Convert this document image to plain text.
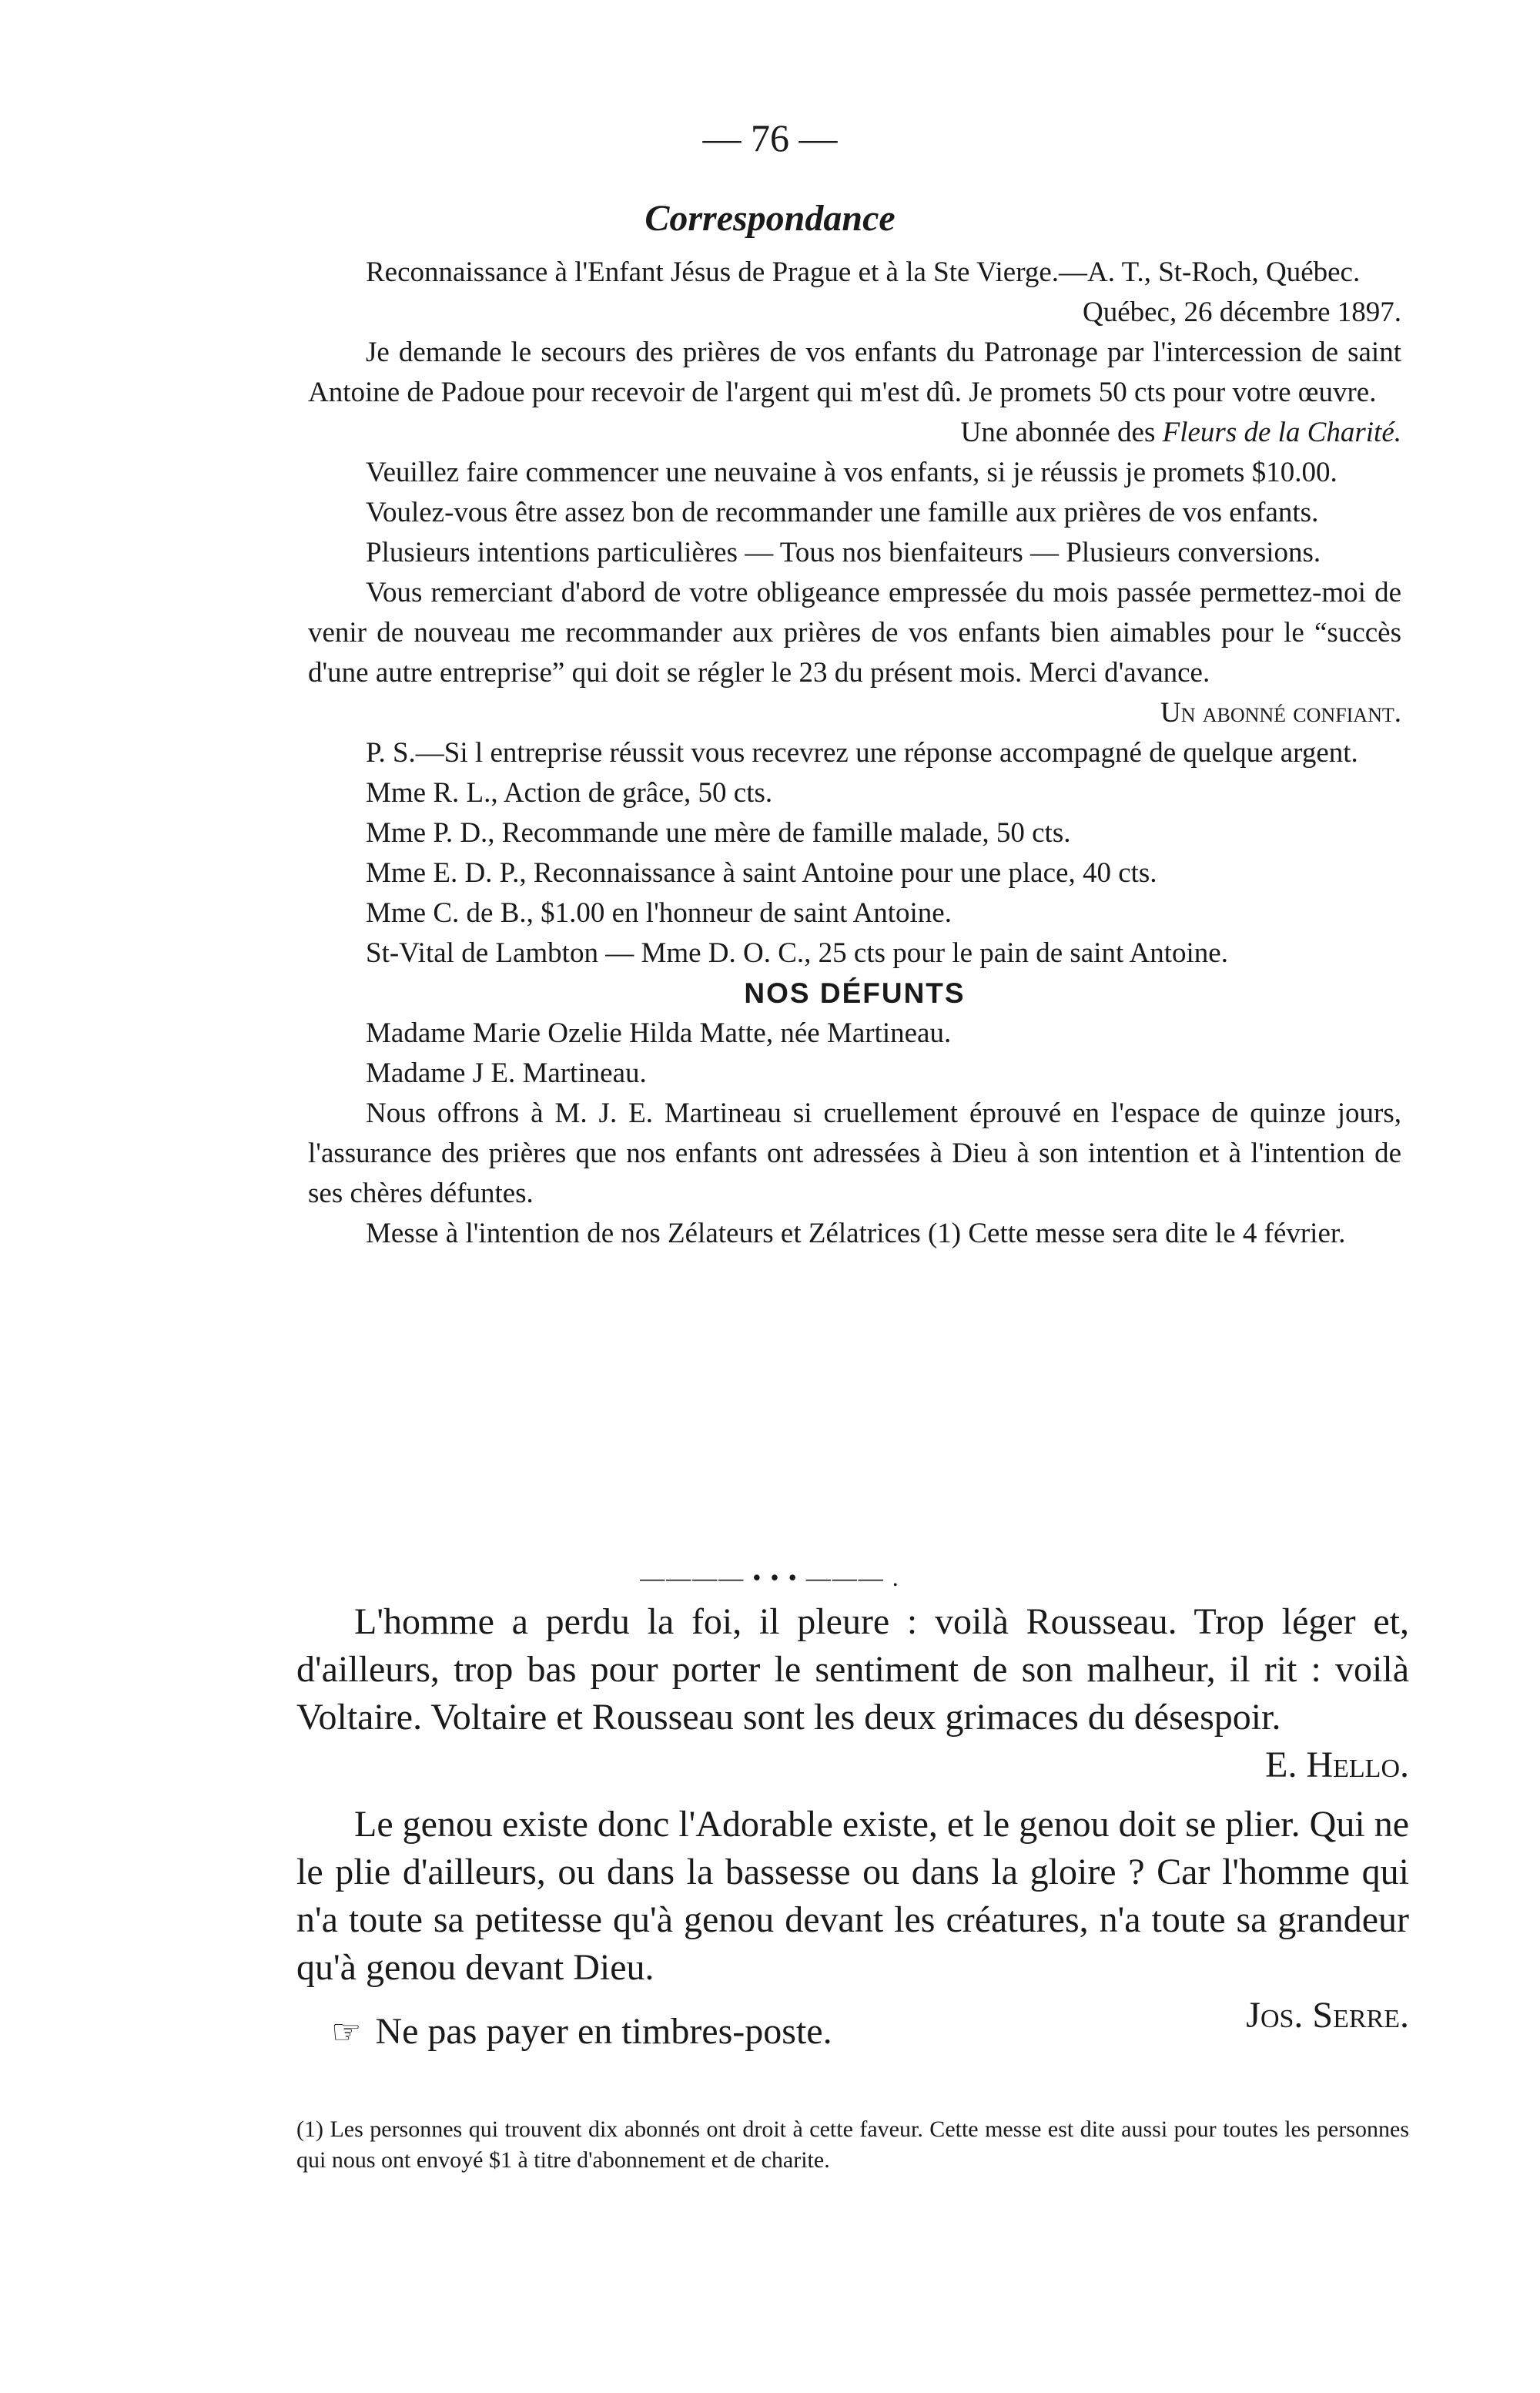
— 76 —
Correspondance

Reconnaissance à l'Enfant Jésus de Prague et à la Ste Vierge.—A. T., St-Roch, Québec.

Québec, 26 décembre 1897.

Je demande le secours des prières de vos enfants du Patronage par l'intercession de saint Antoine de Padoue pour recevoir de l'argent qui m'est dû. Je promets 50 cts pour votre œuvre.

Une abonnée des Fleurs de la Charité.

Veuillez faire commencer une neuvaine à vos enfants, si je réussis je promets $10.00.

Voulez-vous être assez bon de recommander une famille aux prières de vos enfants.

Plusieurs intentions particulières — Tous nos bienfaiteurs — Plusieurs conversions.

Vous remerciant d'abord de votre obligeance empressée du mois passée permettez-moi de venir de nouveau me recommander aux prières de vos enfants bien aimables pour le “succès d'une autre entreprise” qui doit se régler le 23 du présent mois. Merci d'avance.

Un abonné confiant.

P. S.—Si l entreprise réussit vous recevrez une réponse accompagné de quelque argent.

Mme R. L., Action de grâce, 50 cts.

Mme P. D., Recommande une mère de famille malade, 50 cts.

Mme E. D. P., Reconnaissance à saint Antoine pour une place, 40 cts.

Mme C. de B., $1.00 en l'honneur de saint Antoine.

St-Vital de Lambton — Mme D. O. C., 25 cts pour le pain de saint Antoine.

NOS DÉFUNTS

Madame Marie Ozelie Hilda Matte, née Martineau.

Madame J E. Martineau.

Nous offrons à M. J. E. Martineau si cruellement éprouvé en l'espace de quinze jours, l'assurance des prières que nos enfants ont adressées à Dieu à son intention et à l'intention de ses chères défuntes.

Messe à l'intention de nos Zélateurs et Zélatrices (1) Cette messe sera dite le 4 février.

———— • • • ——— .

L'homme a perdu la foi, il pleure : voilà Rousseau. Trop léger et, d'ailleurs, trop bas pour porter le sentiment de son malheur, il rit : voilà Voltaire. Voltaire et Rousseau sont les deux grimaces du désespoir.

E. Hello.

Le genou existe donc l'Adorable existe, et le genou doit se plier. Qui ne le plie d'ailleurs, ou dans la bassesse ou dans la gloire ? Car l'homme qui n'a toute sa petitesse qu'à genou devant les créatures, n'a toute sa grandeur qu'à genou devant Dieu.

Jos. Serre.

☞ Ne pas payer en timbres-poste.
(1) Les personnes qui trouvent dix abonnés ont droit à cette faveur. Cette messe est dite aussi pour toutes les personnes qui nous ont envoyé $1 à titre d'abonnement et de charite.
